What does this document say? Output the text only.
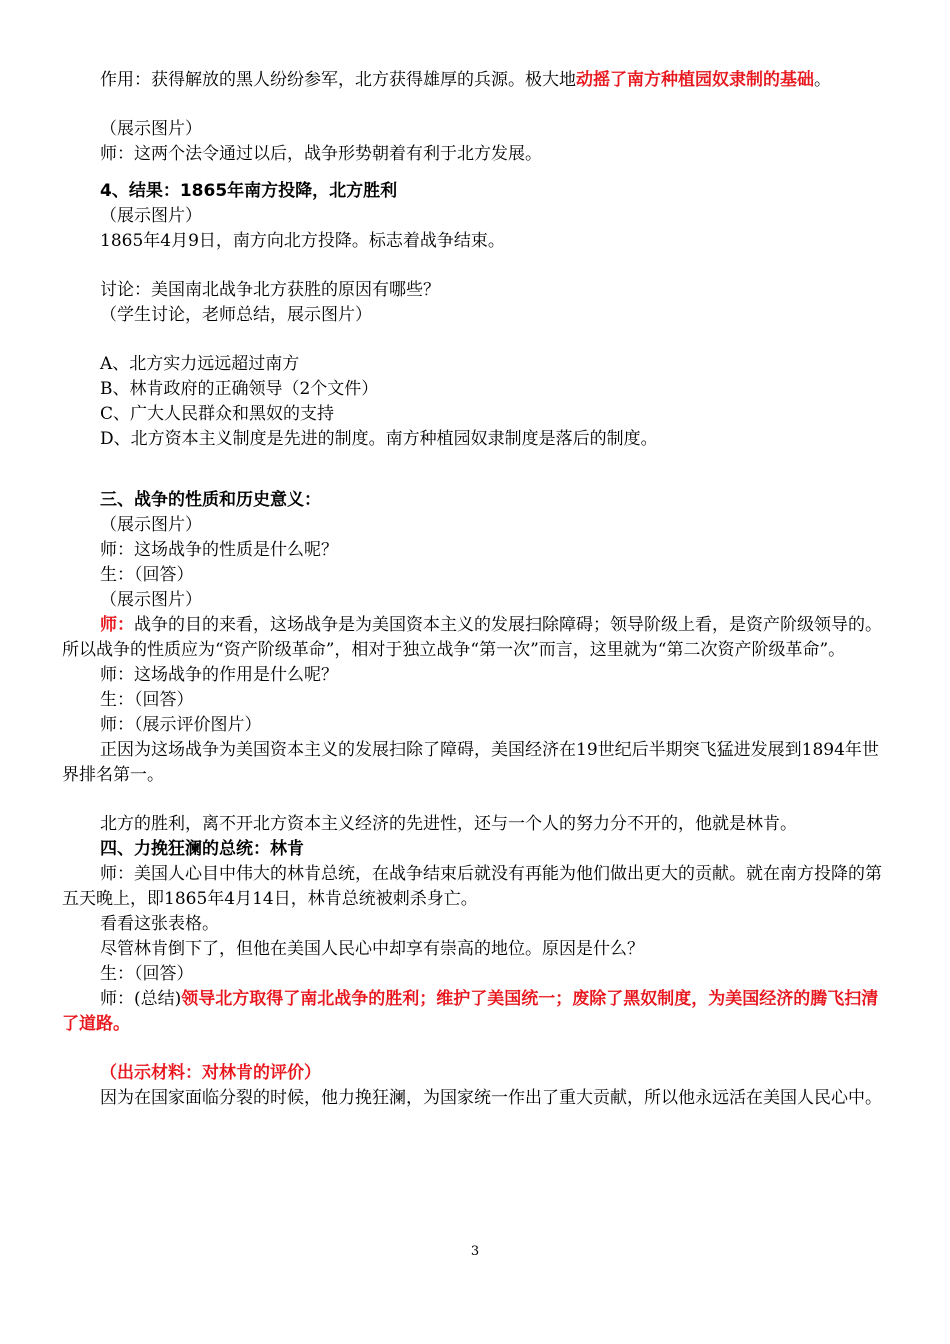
作用：获得解放的黑人纷纷参军，北方获得雄厚的兵源。极大地动摇了南方种植园奴隶制的基础。

（展示图片）

师：这两个法令通过以后，战争形势朝着有利于北方发展。

4、结果：1865年南方投降，北方胜利

（展示图片）

1865年4月9日，南方向北方投降。标志着战争结束。

讨论：美国南北战争北方获胜的原因有哪些？

（学生讨论，老师总结，展示图片）

A、北方实力远远超过南方

B、林肯政府的正确领导（2个文件）

C、广大人民群众和黑奴的支持

D、北方资本主义制度是先进的制度。南方种植园奴隶制度是落后的制度。

三、战争的性质和历史意义：

（展示图片）

师：这场战争的性质是什么呢？

生：（回答）

（展示图片）

师：战争的目的来看，这场战争是为美国资本主义的发展扫除障碍；领导阶级上看，是资产阶级领导的。所以战争的性质应为“资产阶级革命”，相对于独立战争“第一次”而言，这里就为“第二次资产阶级革命”。

师：这场战争的作用是什么呢？

生：（回答）

师：（展示评价图片）

正因为这场战争为美国资本主义的发展扫除了障碍，美国经济在19世纪后半期突飞猛进发展到1894年世界排名第一。

北方的胜利，离不开北方资本主义经济的先进性，还与一个人的努力分不开的，他就是林肯。

四、力挽狂澜的总统：林肯

师：美国人心目中伟大的林肯总统，在战争结束后就没有再能为他们做出更大的贡献。就在南方投降的第五天晚上，即1865年4月14日，林肯总统被刺杀身亡。

看看这张表格。

尽管林肯倒下了，但他在美国人民心中却享有崇高的地位。原因是什么？

生：（回答）

师：(总结)领导北方取得了南北战争的胜利；维护了美国统一；废除了黑奴制度，为美国经济的腾飞扫清了道路。

（出示材料：对林肯的评价）

因为在国家面临分裂的时候，他力挽狂澜，为国家统一作出了重大贡献，所以他永远活在美国人民心中。

3
